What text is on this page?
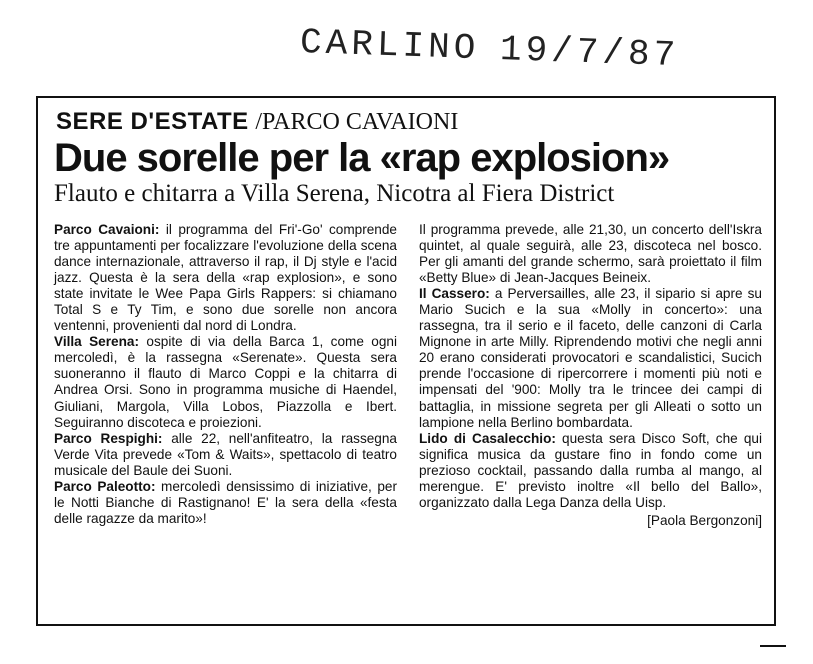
CARLINO 19/7/87
SERE D'ESTATE /PARCO CAVAIONI
Due sorelle per la «rap explosion»
Flauto e chitarra a Villa Serena, Nicotra al Fiera District

Parco Cavaioni: il programma del Fri'-Go' comprende tre appuntamenti per focalizzare l'evoluzione della scena dance internazionale, attraverso il rap, il Dj style e l'acid jazz. Questa è la sera della «rap explosion», e sono state invitate le Wee Papa Girls Rappers: si chiamano Total S e Ty Tim, e sono due sorelle non ancora ventenni, provenienti dal nord di Londra.

Villa Serena: ospite di via della Barca 1, come ogni mercoledì, è la rassegna «Serenate». Questa sera suoneranno il flauto di Marco Coppi e la chitarra di Andrea Orsi. Sono in programma musiche di Haendel, Giuliani, Margola, Villa Lobos, Piazzolla e Ibert. Seguiranno discoteca e proiezioni.

Parco Respighi: alle 22, nell'anfiteatro, la rassegna Verde Vita prevede «Tom & Waits», spettacolo di teatro musicale del Baule dei Suoni.

Parco Paleotto: mercoledì densissimo di iniziative, per le Notti Bianche di Rastignano! E' la sera della «festa delle ragazze da marito»!

Il programma prevede, alle 21,30, un concerto dell'Iskra quintet, al quale seguirà, alle 23, discoteca nel bosco. Per gli amanti del grande schermo, sarà proiettato il film «Betty Blue» di Jean-Jacques Beineix.

Il Cassero: a Perversailles, alle 23, il sipario si apre su Mario Sucich e la sua «Molly in concerto»: una rassegna, tra il serio e il faceto, delle canzoni di Carla Mignone in arte Milly. Riprendendo motivi che negli anni 20 erano considerati provocatori e scandalistici, Sucich prende l'occasione di ripercorrere i momenti più noti e impensati del '900: Molly tra le trincee dei campi di battaglia, in missione segreta per gli Alleati o sotto un lampione nella Berlino bombardata.

Lido di Casalecchio: questa sera Disco Soft, che qui significa musica da gustare fino in fondo come un prezioso cocktail, passando dalla rumba al mango, al merengue. E' previsto inoltre «Il bello del Ballo», organizzato dalla Lega Danza della Uisp.

[Paola Bergonzoni]
